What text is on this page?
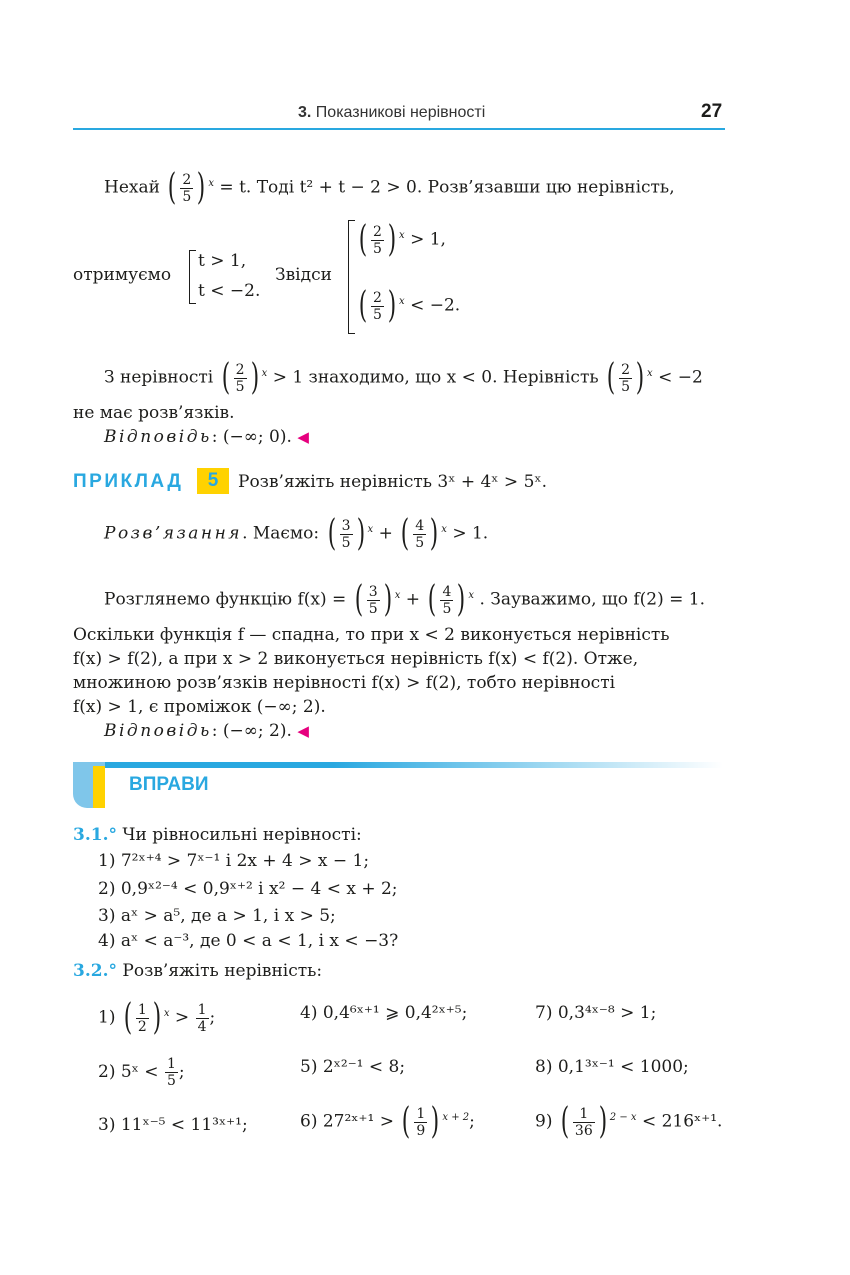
3. Показникові нерівності	27
Нехай ( $\frac{2}{5}$ ) $^x$ = t. Тоді t² + t − 2 > 0. Розв’язавши цю нерівність,
отримуємо
t > 1,
t < −2.
Звідси
( $\frac{2}{5}$ ) $^x$ > 1,
( $\frac{2}{5}$ ) $^x$ < −2.
З нерівності ( $\frac{2}{5}$ ) $^x$ > 1 знаходимо, що x < 0. Нерівність ( $\frac{2}{5}$ ) $^x$ < −2
не має розв’язків.
Відповідь: (−∞; 0). ◀
ПРИКЛАД	5	Розв’яжіть нерівність 3ˣ + 4ˣ > 5ˣ.
Розв’язання. Маємо: ( $\frac{3}{5}$ ) $^x$ + ( $\frac{4}{5}$ ) $^x$ > 1.
Розглянемо функцію f(x) = ( $\frac{3}{5}$ ) $^x$ + ( $\frac{4}{5}$ ) $^x$ . Зауважимо, що f(2) = 1.
Оскільки функція f — спадна, то при x < 2 виконується нерівність
f(x) > f(2), а при x > 2 виконується нерівність f(x) < f(2). Отже,
множиною розв’язків нерівності f(x) > f(2), тобто нерівності
f(x) > 1, є проміжок (−∞; 2).
Відповідь: (−∞; 2). ◀
ВПРАВИ
3.1.° Чи рівносильні нерівності:
1) 7²ˣ⁺⁴ > 7ˣ⁻¹ і 2x + 4 > x − 1;
2) 0,9ˣ²⁻⁴ < 0,9ˣ⁺² і x² − 4 < x + 2;
3) aˣ > a⁵, де a > 1, і x > 5;
4) aˣ < a⁻³, де 0 < a < 1, і x < −3?
3.2.° Розв’яжіть нерівність:
1) ( $\frac{1}{2}$ ) $^x > \frac{1}{4}$ ;	4) 0,4⁶ˣ⁺¹ ⩾ 0,4²ˣ⁺⁵;	7) 0,3⁴ˣ⁻⁸ > 1;
2) 5ˣ < $\frac{1}{5}$ ;	5) 2ˣ²⁻¹ < 8;	8) 0,1³ˣ⁻¹ < 1000;
3) 11ˣ⁻⁵ < 11³ˣ⁺¹;	6) 27²ˣ⁺¹ > ( $\frac{1}{9}$ ) $^{x + 2}$;	9) ( $\frac{1}{36}$ ) $^{2 - x}$ < 216ˣ⁺¹.
